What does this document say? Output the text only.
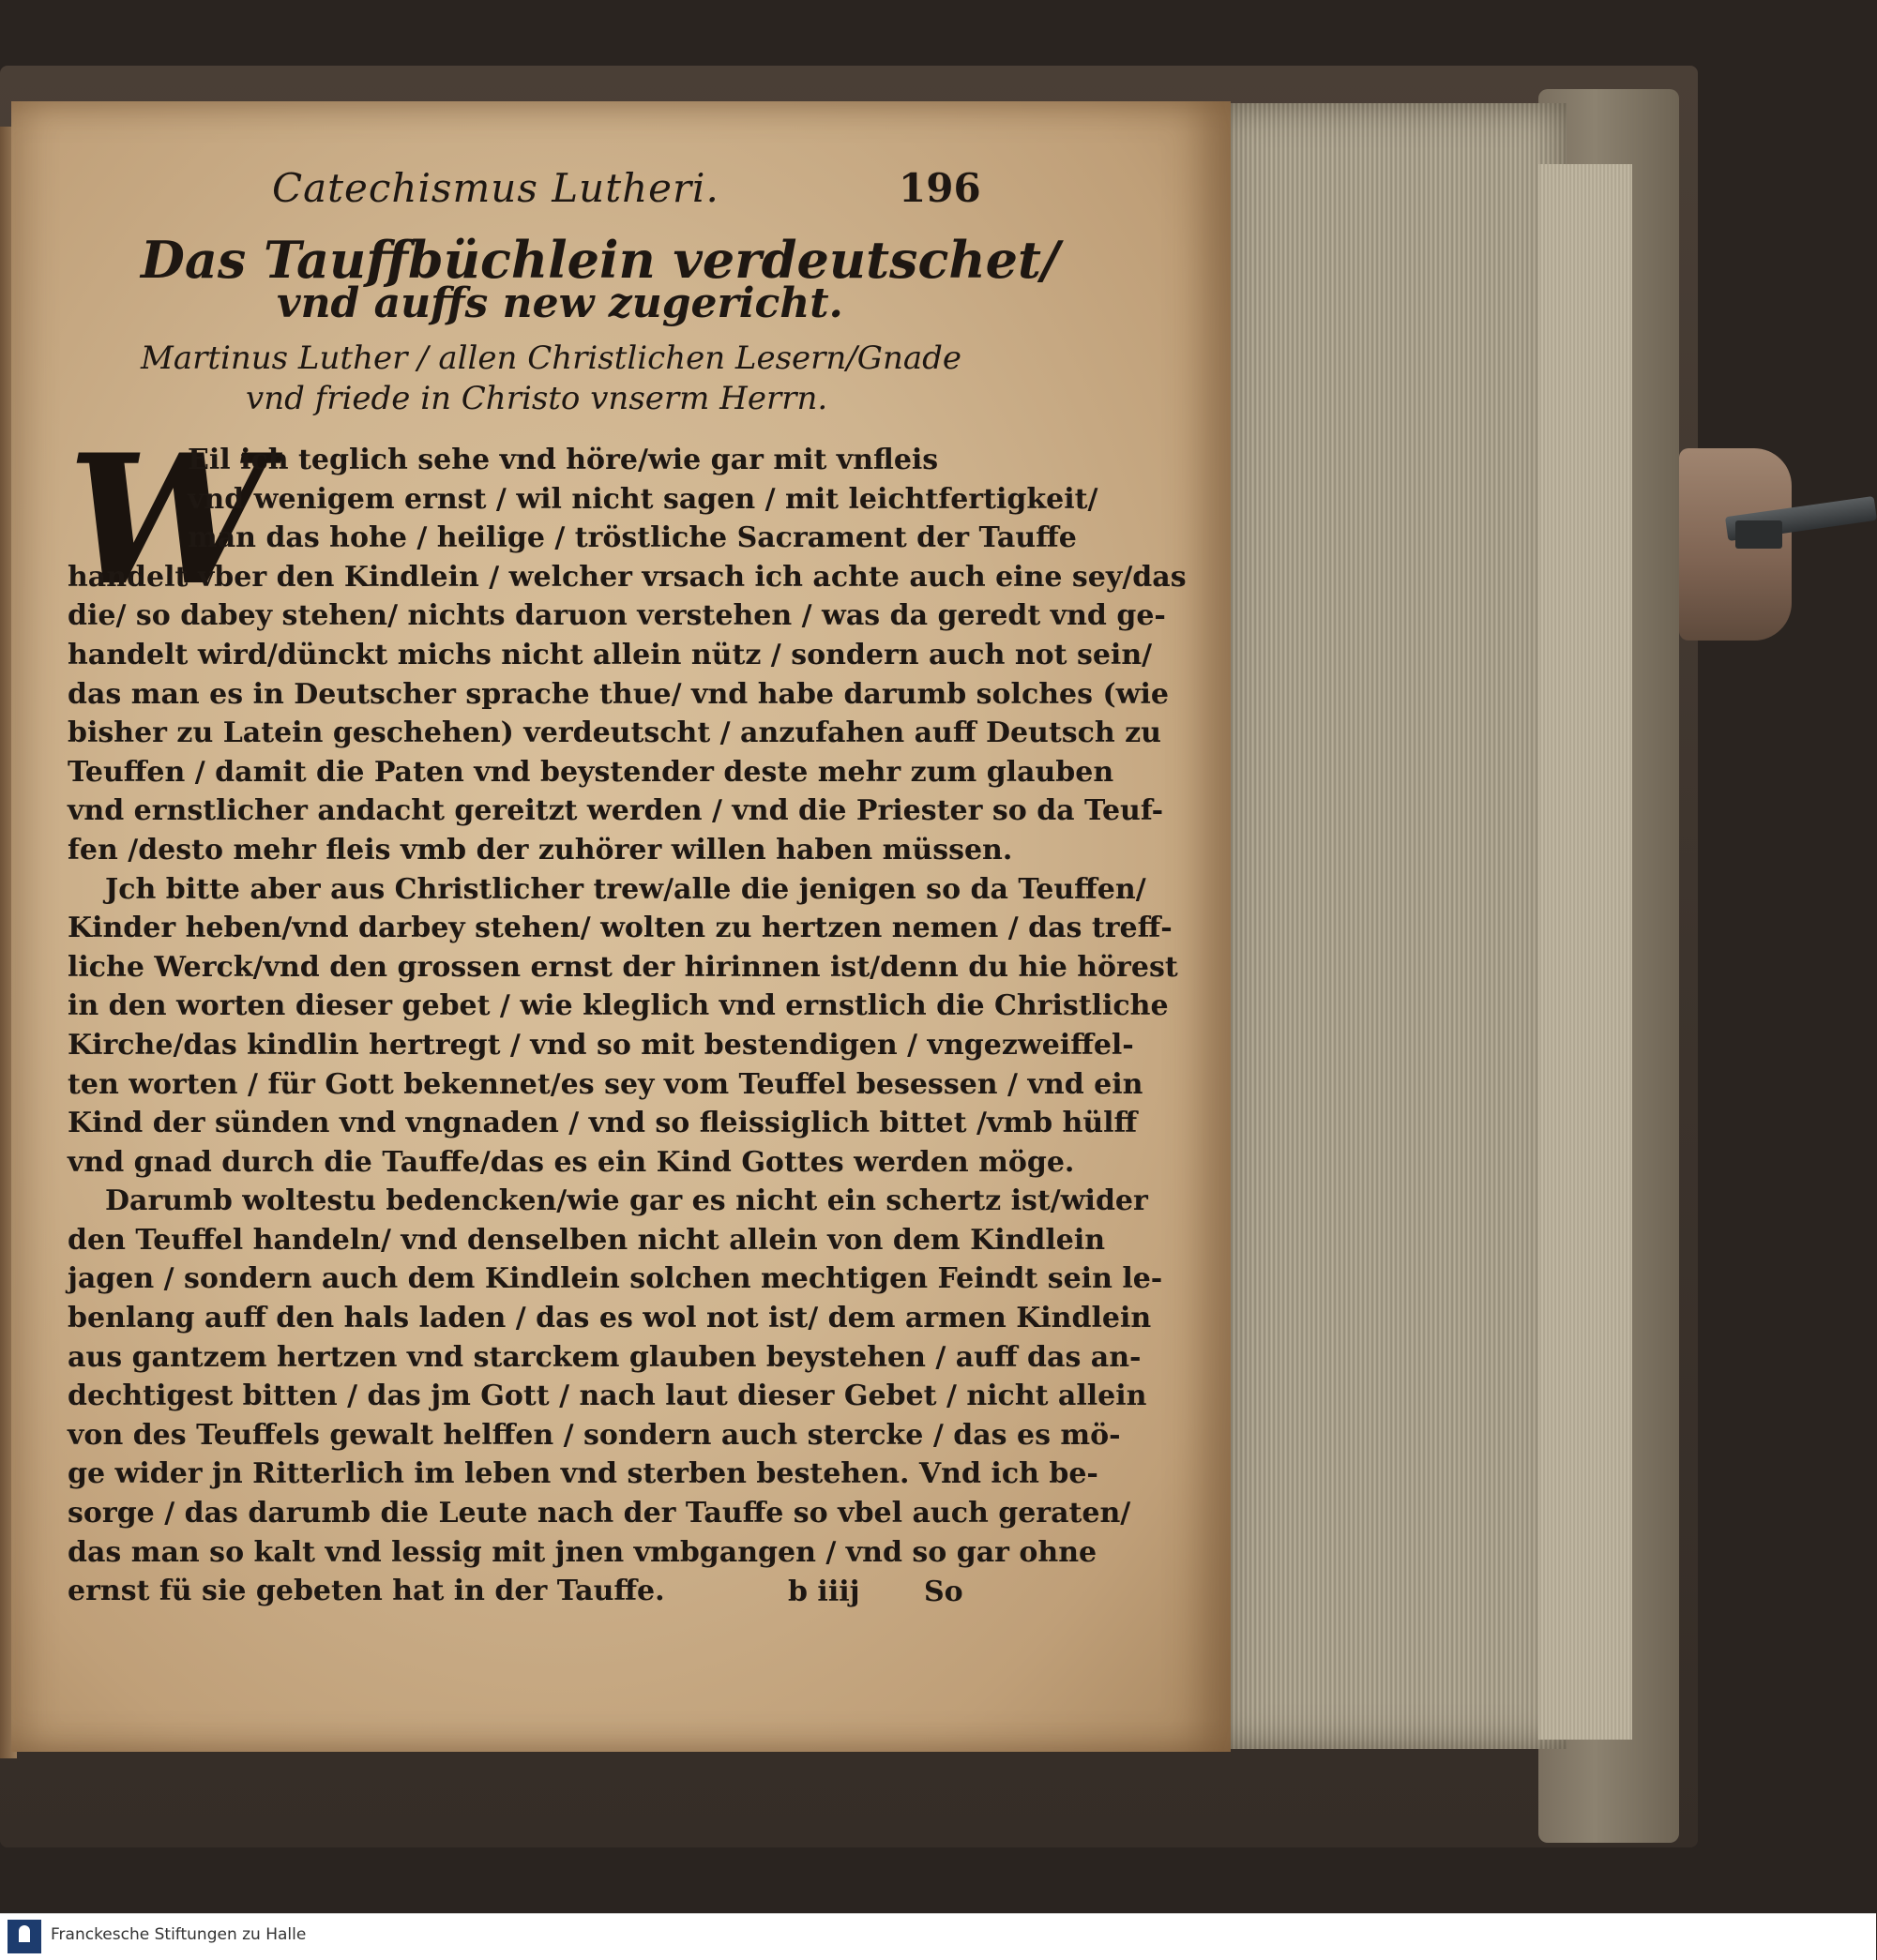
Catechismus Lutheri.	196
Das Tauffbüchlein verdeutschet/
vnd auffs new zugericht.
Martinus Luther / allen Christlichen Lesern/Gnade
vnd friede in Christo vnserm Herrn.
W
Eil ich teglich sehe vnd höre/wie gar mit vnfleis
vnd wenigem ernst / wil nicht sagen / mit leichtfertigkeit/
man das hohe / heilige / tröstliche Sacrament der Tauffe
handelt vber den Kindlein / welcher vrsach ich achte auch eine sey/das
die/ so dabey stehen/ nichts daruon verstehen / was da geredt vnd ge-
handelt wird/dünckt michs nicht allein nütz / sondern auch not sein/
das man es in Deutscher sprache thue/ vnd habe darumb solches (wie
bisher zu Latein geschehen) verdeutscht / anzufahen auff Deutsch zu
Teuffen / damit die Paten vnd beystender deste mehr zum glauben
vnd ernstlicher andacht gereitzt werden / vnd die Priester so da Teuf-
fen /desto mehr fleis vmb der zuhörer willen haben müssen.
Jch bitte aber aus Christlicher trew/alle die jenigen so da Teuffen/
Kinder heben/vnd darbey stehen/ wolten zu hertzen nemen / das treff-
liche Werck/vnd den grossen ernst der hirinnen ist/denn du hie hörest
in den worten dieser gebet / wie kleglich vnd ernstlich die Christliche
Kirche/das kindlin hertregt / vnd so mit bestendigen / vngezweiffel-
ten worten / für Gott bekennet/es sey vom Teuffel besessen / vnd ein
Kind der sünden vnd vngnaden / vnd so fleissiglich bittet /vmb hülff
vnd gnad durch die Tauffe/das es ein Kind Gottes werden möge.
Darumb woltestu bedencken/wie gar es nicht ein schertz ist/wider
den Teuffel handeln/ vnd denselben nicht allein von dem Kindlein
jagen / sondern auch dem Kindlein solchen mechtigen Feindt sein le-
benlang auff den hals laden / das es wol not ist/ dem armen Kindlein
aus gantzem hertzen vnd starckem glauben beystehen / auff das an-
dechtigest bitten / das jm Gott / nach laut dieser Gebet / nicht allein
von des Teuffels gewalt helffen / sondern auch stercke / das es mö-
ge wider jn Ritterlich im leben vnd sterben bestehen. Vnd ich be-
sorge / das darumb die Leute nach der Tauffe so vbel auch geraten/
das man so kalt vnd lessig mit jnen vmbgangen / vnd so gar ohne
ernst fü sie gebeten hat in der Tauffe.	b iiij So
Franckesche Stiftungen zu Halle
